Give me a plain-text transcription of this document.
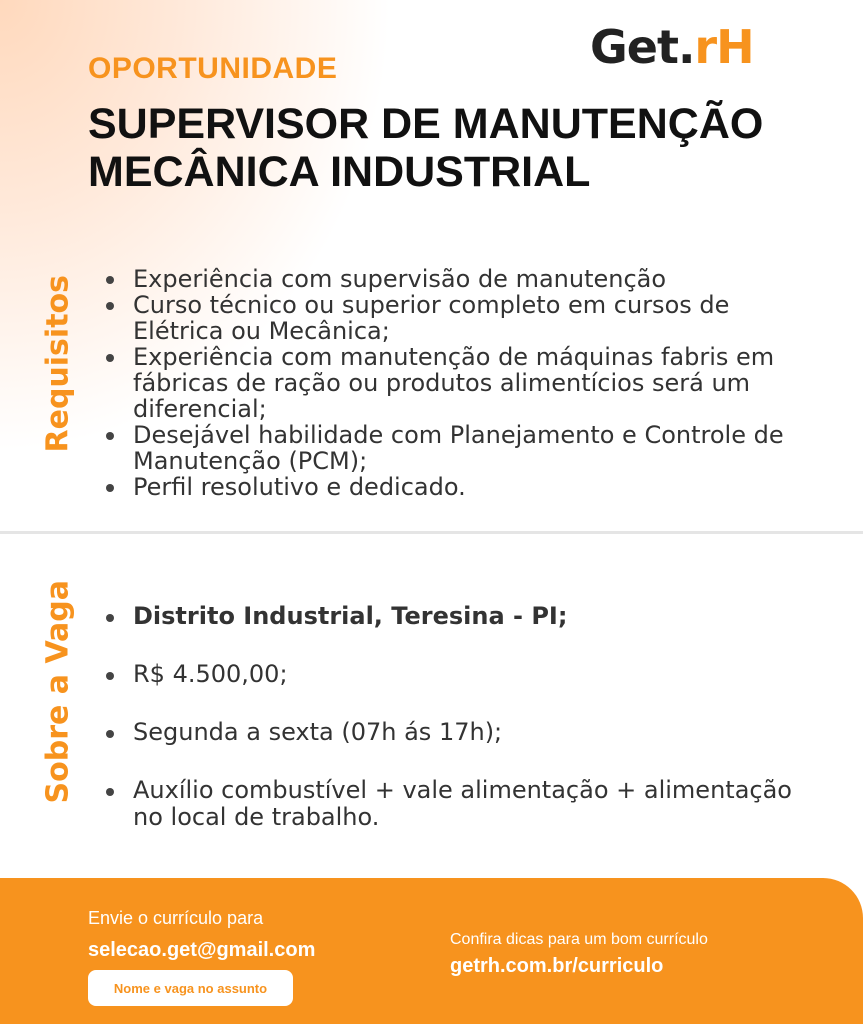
Get. rH
OPORTUNIDADE
SUPERVISOR DE MANUTENÇÃO MECÂNICA INDUSTRIAL
Requisitos	Experiência com supervisão de manutenção
Curso técnico ou superior completo em cursos de Elétrica ou Mecânica;
Experiência com manutenção de máquinas fabris em fábricas de ração ou produtos alimentícios será um diferencial;
Desejável habilidade com Planejamento e Controle de Manutenção (PCM);
Perfil resolutivo e dedicado.
Sobre a Vaga	Distrito Industrial, Teresina - PI;
R$ 4.500,00;
Segunda a sexta (07h ás 17h);
Auxílio combustível + vale alimentação + alimentação no local de trabalho.
Envie o currículo para
selecao.get@gmail.com
Nome e vaga no assunto
Confira dicas para um bom currículo
getrh.com.br/curriculo
